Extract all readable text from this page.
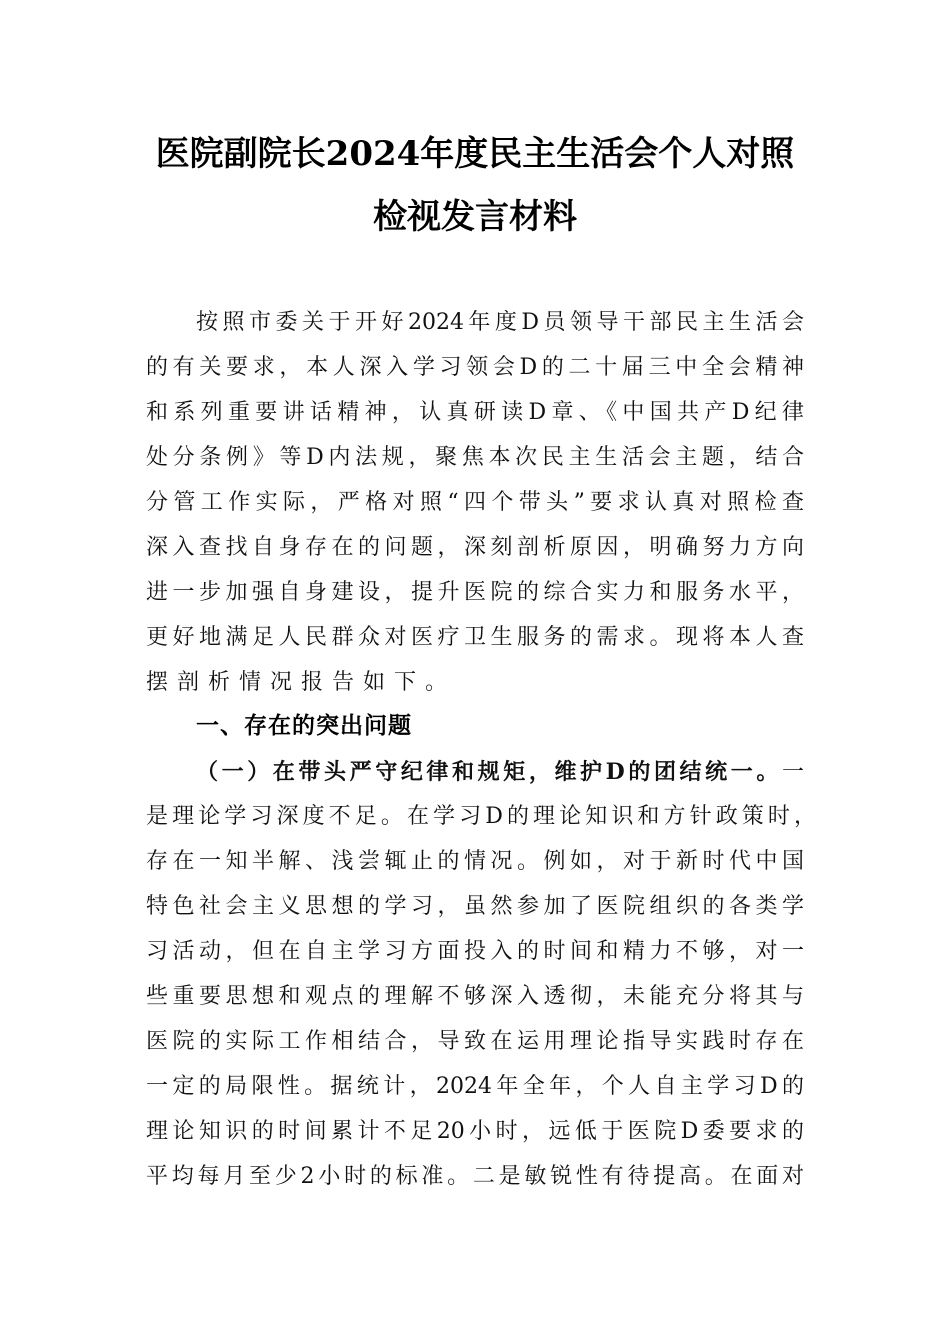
医院副院长2024年度民主生活会个人对照
检视发言材料
按照市委关于开好2024年度D员领导干部民主生活会
的有关要求，本人深入学习领会D的二十届三中全会精神
和系列重要讲话精神，认真研读D章、《中国共产D纪律
处分条例》等D内法规，聚焦本次民主生活会主题，结合
分管工作实际，严格对照“四个带头”要求认真对照检查
深入查找自身存在的问题，深刻剖析原因，明确努力方向
进一步加强自身建设，提升医院的综合实力和服务水平，
更好地满足人民群众对医疗卫生服务的需求。现将本人查
摆剖析情况报告如下。
一、存在的突出问题
（一）在带头严守纪律和规矩，维护D的团结统一。一
是理论学习深度不足。在学习D的理论知识和方针政策时，
存在一知半解、浅尝辄止的情况。例如，对于新时代中国
特色社会主义思想的学习，虽然参加了医院组织的各类学
习活动，但在自主学习方面投入的时间和精力不够，对一
些重要思想和观点的理解不够深入透彻，未能充分将其与
医院的实际工作相结合，导致在运用理论指导实践时存在
一定的局限性。据统计，2024年全年，个人自主学习D的
理论知识的时间累计不足20小时，远低于医院D委要求的
平均每月至少2小时的标准。二是敏锐性有待提高。在面对
